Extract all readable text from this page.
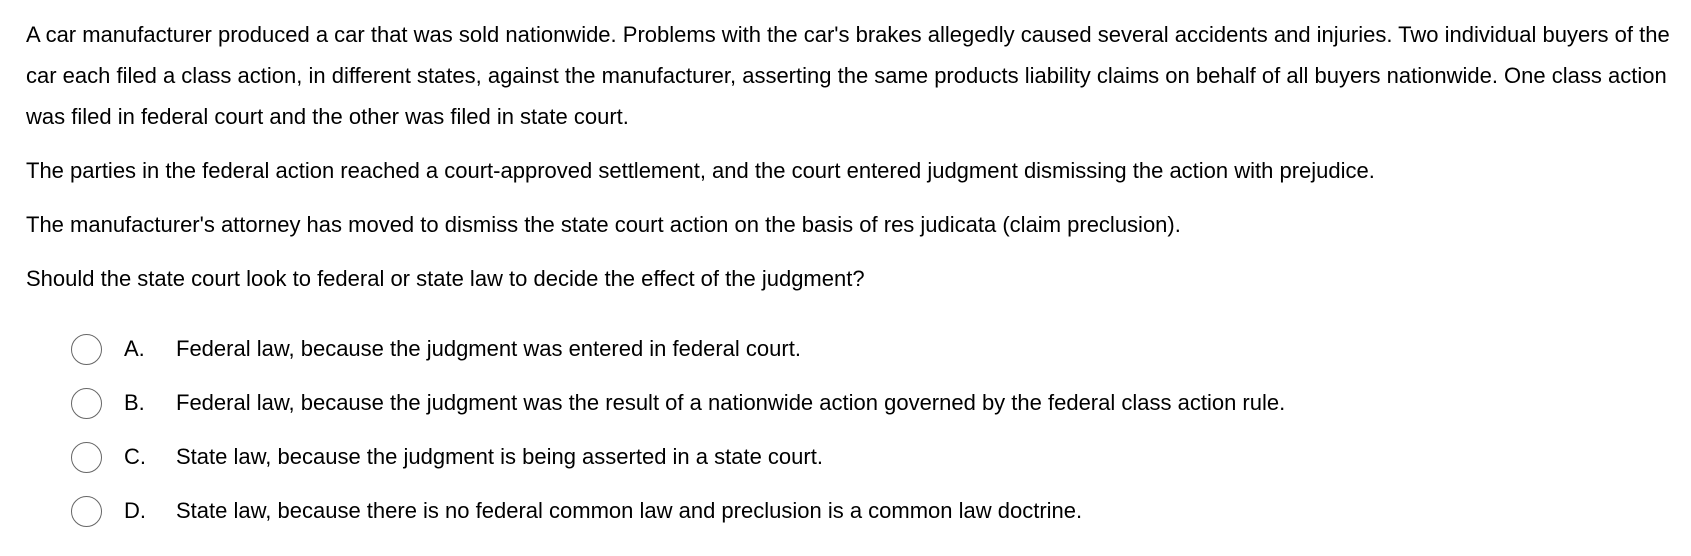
A car manufacturer produced a car that was sold nationwide. Problems with the car's brakes allegedly caused several accidents and injuries. Two individual buyers of the car each filed a class action, in different states, against the manufacturer, asserting the same products liability claims on behalf of all buyers nationwide. One class action was filed in federal court and the other was filed in state court.

The parties in the federal action reached a court-approved settlement, and the court entered judgment dismissing the action with prejudice.

The manufacturer's attorney has moved to dismiss the state court action on the basis of res judicata (claim preclusion).

Should the state court look to federal or state law to decide the effect of the judgment?

A.	Federal law, because the judgment was entered in federal court.
B.	Federal law, because the judgment was the result of a nationwide action governed by the federal class action rule.
C.	State law, because the judgment is being asserted in a state court.
D.	State law, because there is no federal common law and preclusion is a common law doctrine.
